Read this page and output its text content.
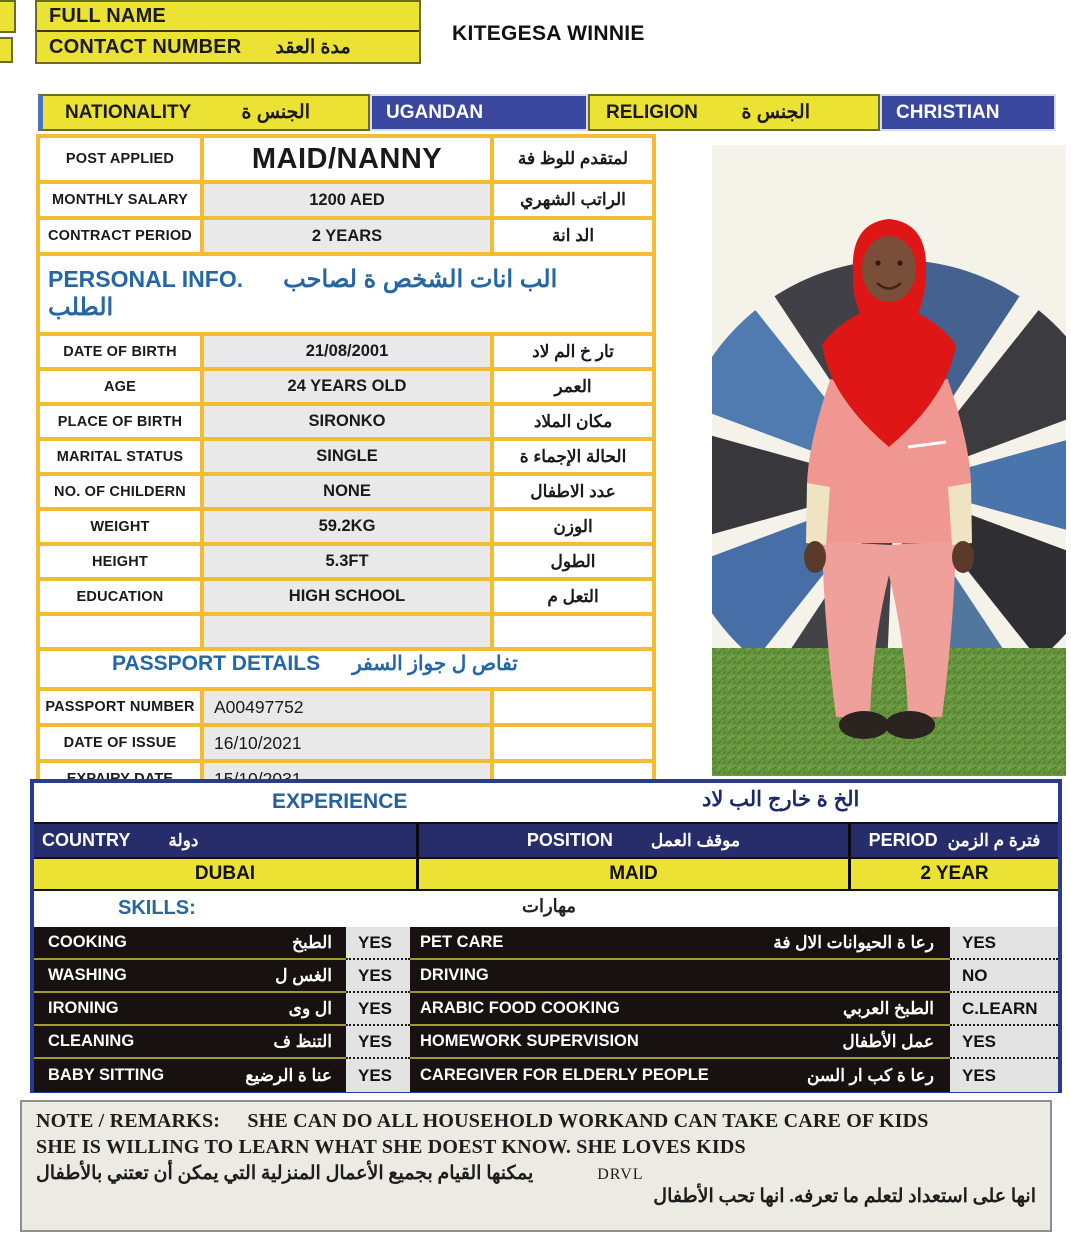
FULL NAME
CONTACT NUMBER مدة العقد
KITEGESA WINNIE
NATIONALITY	الجنس ة	UGANDAN	RELIGION الجنس ة	CHRISTIAN
POST APPLIED	MAID/NANNY	لمتقدم للوظ فة
MONTHLY SALARY	1200 AED	الراتب الشهري
CONTRACT PERIOD	2 YEARS	الد انة
PERSONAL INFO. الب انات الشخص ة لصاحب
الطلب
DATE OF BIRTH	21/08/2001	تار خ الم لاد
AGE	24 YEARS OLD	العمر
PLACE OF BIRTH	SIRONKO	مكان الملاد
MARITAL STATUS	SINGLE	الحالة الإجماء ة
NO. OF CHILDERN	NONE	عدد الاطفال
WEIGHT	59.2KG	الوزن
HEIGHT	5.3FT	الطول
EDUCATION	HIGH SCHOOL	التعل م
PASSPORT DETAILS تفاص ل جواز السفر
PASSPORT NUMBER	A00497752
DATE OF ISSUE	16/10/2021
EXPERIENCE	الخ ة خارج الب لاد
COUNTRY دولة	POSITION موقف العمل	PERIOD فترة م الزمن
DUBAI	MAID	2 YEAR
SKILLS:	مهارات
COOKING	الطبخ	YES	PET CARE	رعا ة الحيوانات الال فة	YES
WASHING	الغس ل	YES	DRIVING	NO
IRONING	ال وى	YES	ARABIC FOOD COOKING	الطبخ العربي	C.LEARN
CLEANING	التنظ ف	YES	HOMEWORK SUPERVISION	عمل الأطفال	YES
BABY SITTING	عنا ة الرضيع	YES	CAREGIVER FOR ELDERLY PEOPLE	رعا ة كب ار السن	YES
NOTE / REMARKS: SHE CAN DO ALL HOUSEHOLD WORKAND CAN TAKE CARE OF KIDS
SHE IS WILLING TO LEARN WHAT SHE DOEST KNOW. SHE LOVES KIDS
يمكنها القيام بجميع الأعمال المنزلية التي يمكن أن تعتني بالأطفال	DRVL
انها على استعداد لتعلم ما تعرفه. انها تحب الأطفال
